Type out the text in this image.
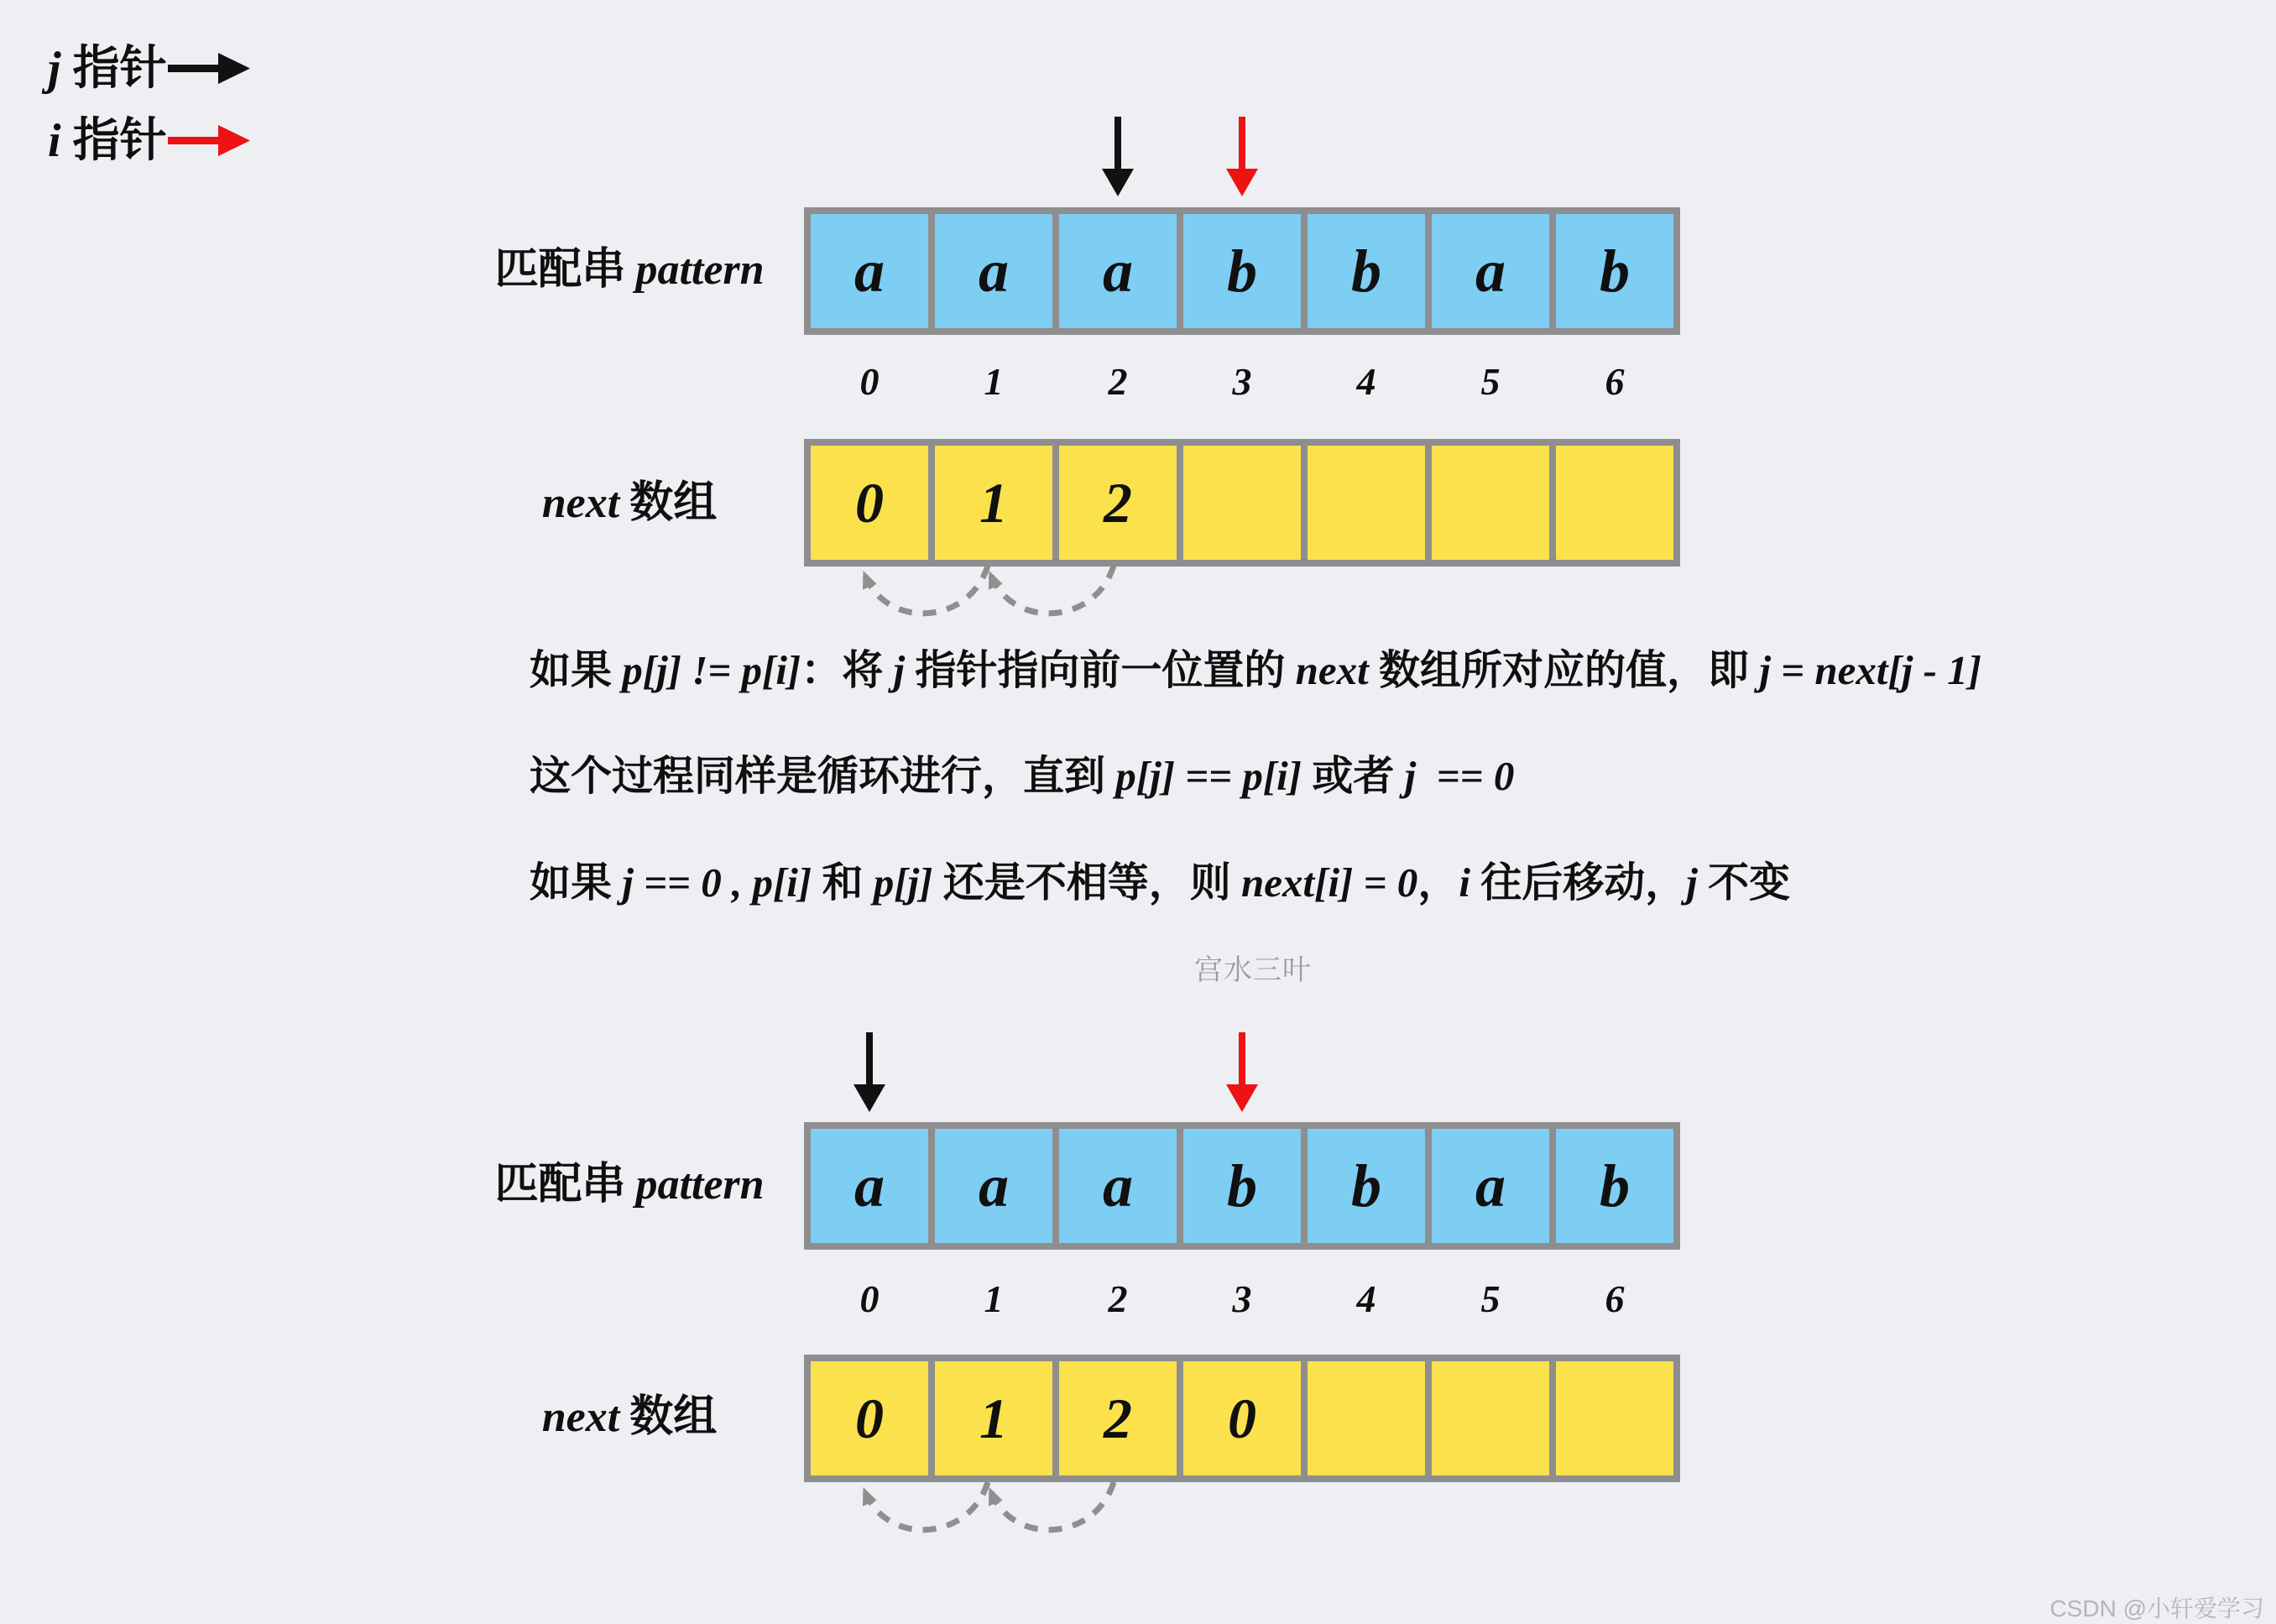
j 指针
i 指针
匹配串 pattern	a	a	a	b	b	a	b
0	1	2	3	4	5	6
next 数组	0	1	2
如果 p[j] != p[i]：将 j 指针指向前一位置的 next 数组所对应的值，即 j = next[j - 1]
这个过程同样是循环进行，直到 p[j] == p[i] 或者 j  == 0
如果 j == 0 , p[i] 和 p[j] 还是不相等，则 next[i] = 0，i 往后移动，j 不变
宫水三叶
匹配串 pattern	a	a	a	b	b	a	b
0	1	2	3	4	5	6
next 数组	0	1	2	0
CSDN @小轩爱学习
